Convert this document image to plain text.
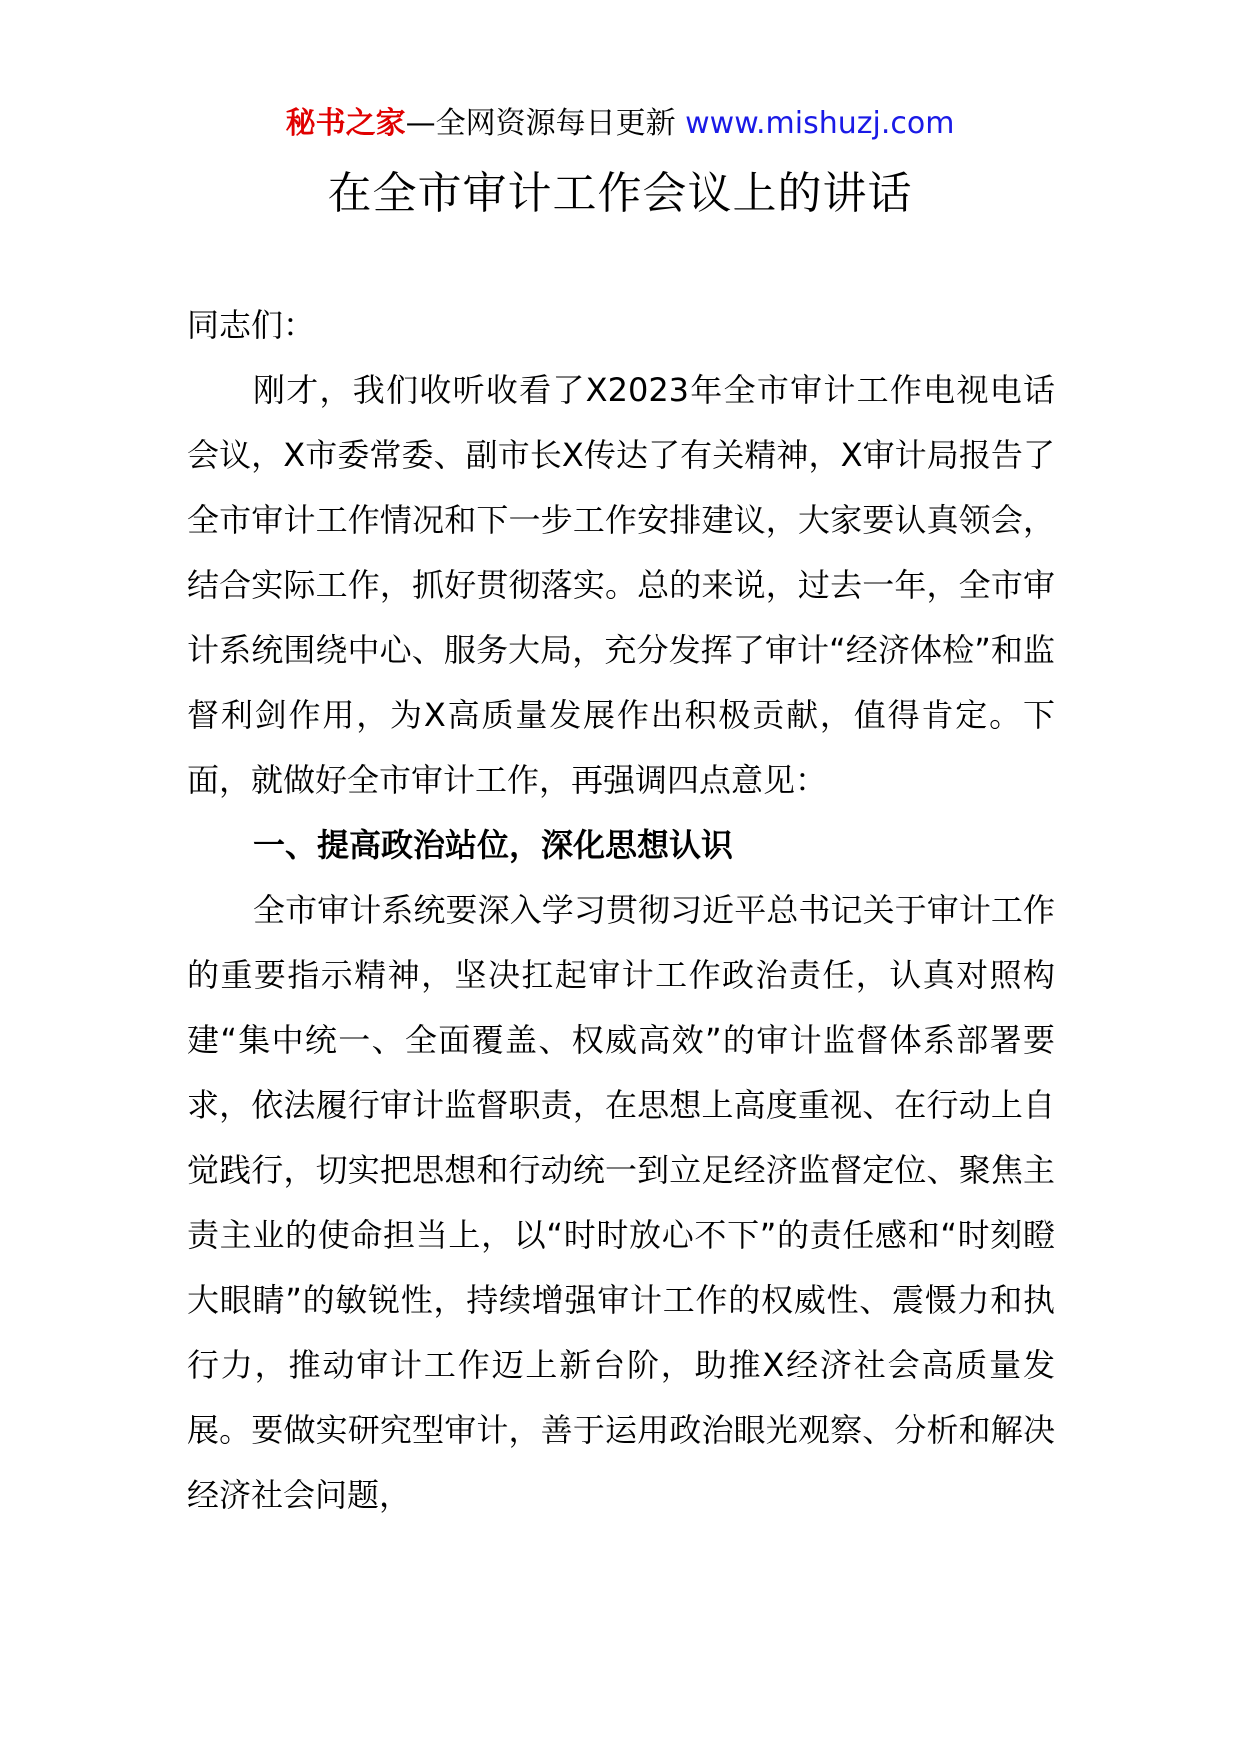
秘书之家—全网资源每日更新 www.mishuzj.com
在全市审计工作会议上的讲话

同志们：

刚才，我们收听收看了X2023年全市审计工作电视电话会议，X市委常委、副市长X传达了有关精神，X审计局报告了全市审计工作情况和下一步工作安排建议，大家要认真领会，结合实际工作，抓好贯彻落实。总的来说，过去一年，全市审计系统围绕中心、服务大局，充分发挥了审计“经济体检”和监督利剑作用，为X高质量发展作出积极贡献，值得肯定。下面，就做好全市审计工作，再强调四点意见：

一、提高政治站位，深化思想认识

全市审计系统要深入学习贯彻习近平总书记关于审计工作的重要指示精神，坚决扛起审计工作政治责任，认真对照构建“集中统一、全面覆盖、权威高效”的审计监督体系部署要求，依法履行审计监督职责，在思想上高度重视、在行动上自觉践行，切实把思想和行动统一到立足经济监督定位、聚焦主责主业的使命担当上，以“时时放心不下”的责任感和“时刻瞪大眼睛”的敏锐性，持续增强审计工作的权威性、震慑力和执行力，推动审计工作迈上新台阶，助推X经济社会高质量发展。要做实研究型审计，善于运用政治眼光观察、分析和解决经济社会问题，
